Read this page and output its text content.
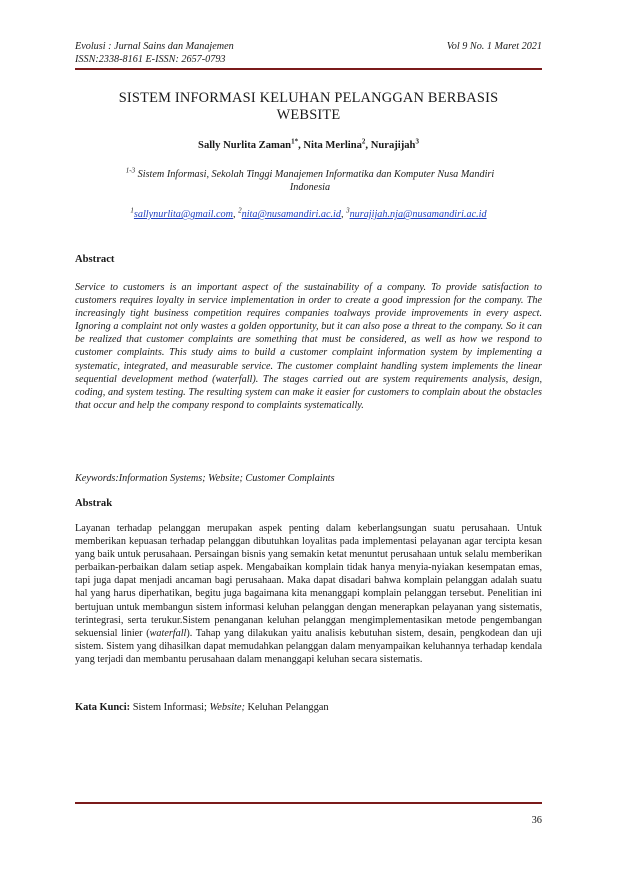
Evolusi : Jurnal Sains dan Manajemen	Vol 9 No. 1 Maret 2021
ISSN:2338-8161 E-ISSN: 2657-0793
SISTEM INFORMASI KELUHAN PELANGGAN BERBASIS
WEBSITE
Sally Nurlita Zaman$^{1*}$, Nita Merlina$^2$, Nurajijah$^3$
$^{1-3}$ Sistem Informasi, Sekolah Tinggi Manajemen Informatika dan Komputer Nusa Mandiri
Indonesia
$^1$sallynurlita@gmail.com, $^2$nita@nusamandiri.ac.id, $^3$nurajijah.nja@nusamandiri.ac.id
Abstract
Service to customers is an important aspect of the sustainability of a company. To provide satisfaction to customers requires loyalty in service implementation in order to create a good impression for the company. The increasingly tight business competition requires companies toalways provide improvements in every aspect. Ignoring a complaint not only wastes a golden opportunity, but it can also pose a threat to the company. So it can be realized that customer complaints are something that must be considered, as well as how we respond to customer complaints. This study aims to build a customer complaint information system by implementing a systematic, integrated, and measurable service. The customer complaint handling system implements the linear sequential development method (waterfall). The stages carried out are system requirements analysis, design, coding, and system testing. The resulting system can make it easier for customers to complain about the obstacles that occur and help the company respond to complaints systematically.
Keywords:Information Systems; Website; Customer Complaints
Abstrak
Layanan terhadap pelanggan merupakan aspek penting dalam keberlangsungan suatu perusahaan. Untuk memberikan kepuasan terhadap pelanggan dibutuhkan loyalitas pada implementasi pelayanan agar tercipta kesan yang baik untuk perusahaan. Persaingan bisnis yang semakin ketat menuntut perusahaan untuk selalu memberikan perbaikan-perbaikan dalam setiap aspek. Mengabaikan komplain tidak hanya menyia-nyiakan kesempatan emas, tapi juga dapat menjadi ancaman bagi perusahaan. Maka dapat disadari bahwa komplain pelanggan adalah suatu hal yang harus diperhatikan, begitu juga bagaimana kita menanggapi komplain pelanggan tersebut. Penelitian ini bertujuan untuk membangun sistem informasi keluhan pelanggan dengan menerapkan pelayanan yang sistematis, terintegrasi, serta terukur.Sistem penanganan keluhan pelanggan mengimplementasikan metode pengembangan sekuensial linier (waterfall). Tahap yang dilakukan yaitu analisis kebutuhan sistem, desain, pengkodean dan uji sistem. Sistem yang dihasilkan dapat memudahkan pelanggan dalam menyampaikan keluhannya terhadap kendala yang terjadi dan membantu perusahaan dalam menanggapi keluhan secara sistematis.
Kata Kunci: Sistem Informasi; Website; Keluhan Pelanggan
36
